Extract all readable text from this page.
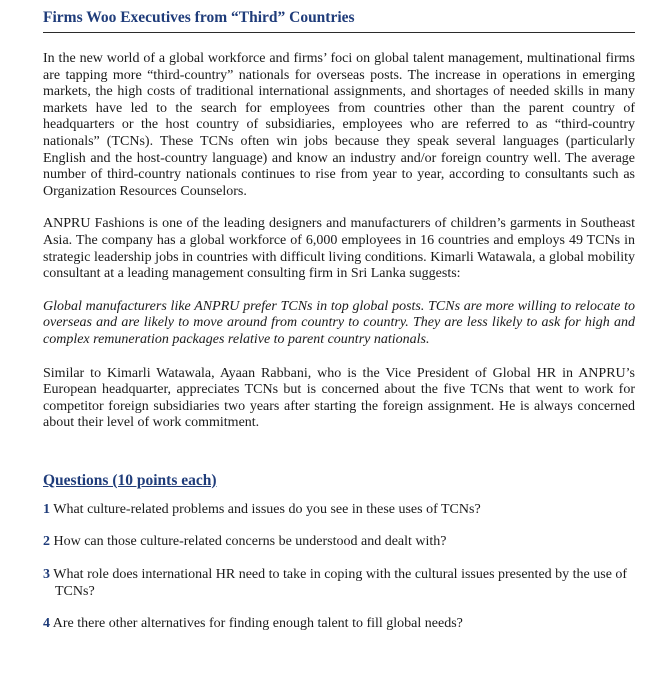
Firms Woo Executives from “Third” Countries

In the new world of a global workforce and firms’ foci on global talent management, multinational firms are tapping more “third-country” nationals for overseas posts. The increase in operations in emerging markets, the high costs of traditional international assignments, and shortages of needed skills in many markets have led to the search for employees from countries other than the parent country of headquarters or the host country of subsidiaries, employees who are referred to as “third-country nationals” (TCNs). These TCNs often win jobs because they speak several languages (particularly English and the host-country language) and know an industry and/or foreign country well. The average number of third-country nationals continues to rise from year to year, according to consultants such as Organization Resources Counselors.

ANPRU Fashions is one of the leading designers and manufacturers of children’s garments in Southeast Asia. The company has a global workforce of 6,000 employees in 16 countries and employs 49 TCNs in strategic leadership jobs in countries with difficult living conditions. Kimarli Watawala, a global mobility consultant at a leading management consulting firm in Sri Lanka suggests:

Global manufacturers like ANPRU prefer TCNs in top global posts. TCNs are more willing to relocate to overseas and are likely to move around from country to country. They are less likely to ask for high and complex remuneration packages relative to parent country nationals.

Similar to Kimarli Watawala, Ayaan Rabbani, who is the Vice President of Global HR in ANPRU’s European headquarter, appreciates TCNs but is concerned about the five TCNs that went to work for competitor foreign subsidiaries two years after starting the foreign assignment. He is always concerned about their level of work commitment.

Questions (10 points each)

1 What culture-related problems and issues do you see in these uses of TCNs?

2 How can those culture-related concerns be understood and dealt with?

3 What role does international HR need to take in coping with the cultural issues presented by the use of TCNs?

4 Are there other alternatives for finding enough talent to fill global needs?
